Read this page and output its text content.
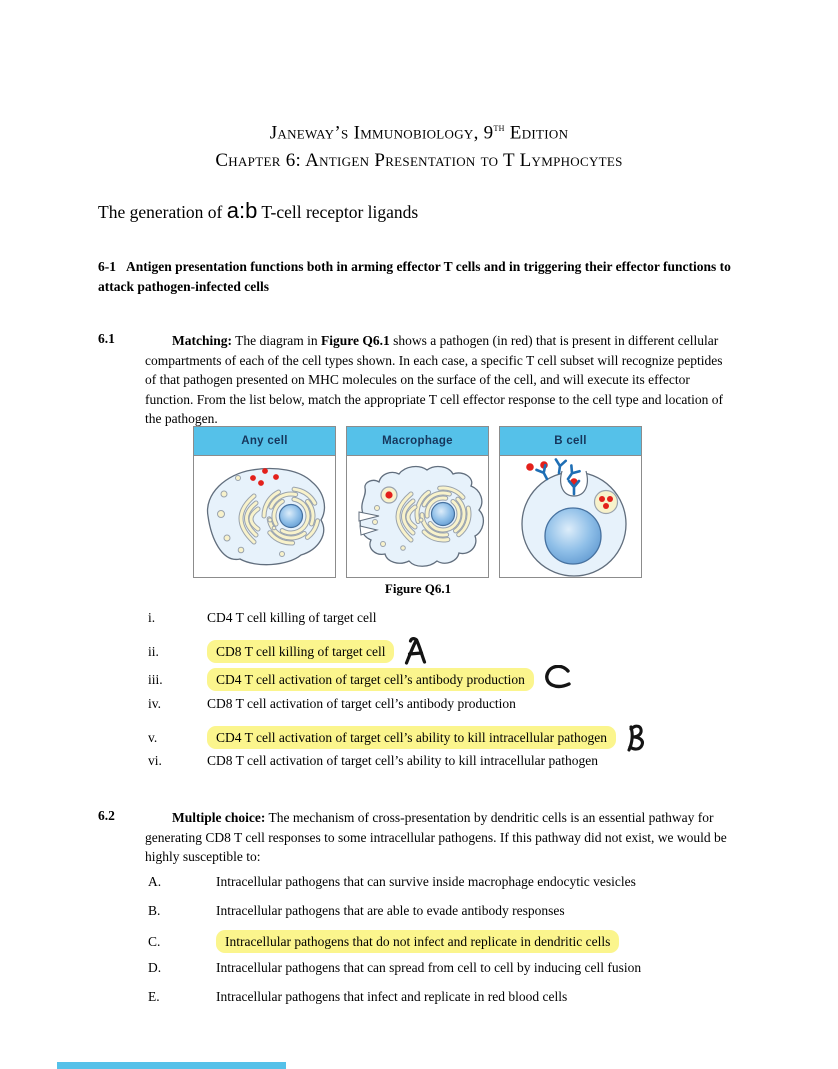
Janeway’s Immunobiology, 9th Edition
Chapter 6: Antigen Presentation to T Lymphocytes
The generation of a:b T-cell receptor ligands
6-1 Antigen presentation functions both in arming effector T cells and in triggering their effector functions to attack pathogen-infected cells
6.1	Matching: The diagram in Figure Q6.1 shows a pathogen (in red) that is present in different cellular compartments of each of the cell types shown. In each case, a specific T cell subset will recognize peptides of that pathogen presented on MHC molecules on the surface of the cell, and will execute its effector function. From the list below, match the appropriate T cell effector response to the cell type and location of the pathogen.
Any cell	Macrophage	B cell
Figure Q6.1
i.	CD4 T cell killing of target cell
ii.	CD8 T cell killing of target cell
iii.	CD4 T cell activation of target cell’s antibody production
iv.	CD8 T cell activation of target cell’s antibody production
v.	CD4 T cell activation of target cell’s ability to kill intracellular pathogen
vi.	CD8 T cell activation of target cell’s ability to kill intracellular pathogen
6.2	Multiple choice: The mechanism of cross-presentation by dendritic cells is an essential pathway for generating CD8 T cell responses to some intracellular pathogens. If this pathway did not exist, we would be highly susceptible to:
A.	Intracellular pathogens that can survive inside macrophage endocytic vesicles
B.	Intracellular pathogens that are able to evade antibody responses
C.	Intracellular pathogens that do not infect and replicate in dendritic cells
D.	Intracellular pathogens that can spread from cell to cell by inducing cell fusion
E.	Intracellular pathogens that infect and replicate in red blood cells
